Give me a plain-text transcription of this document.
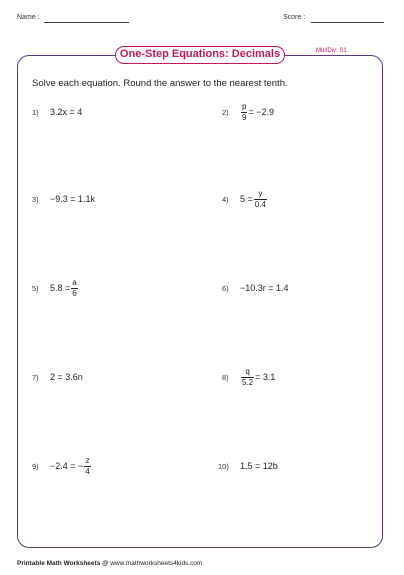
Name :	Score :
One-Step Equations: Decimals	Mul/Div: S1
Solve each equation. Round the answer to the nearest tenth.
1)	3.2x = 4	2)	$\frac{p}{9} = -2.9$
3)	−9.3 = 1.1k	4)	$5 = \frac{y}{0.4}$
5)	$5.8 = \frac{a}{6}$	6)	−10.3r = 1.4
7)	2 = 3.6n	8)	$\frac{q}{5.2} = 3.1$
9)	−2.4 = − $\frac{z}{4}$	10)	1.5 = 12b
Printable Math Worksheets @ www.mathworksheets4kids.com
